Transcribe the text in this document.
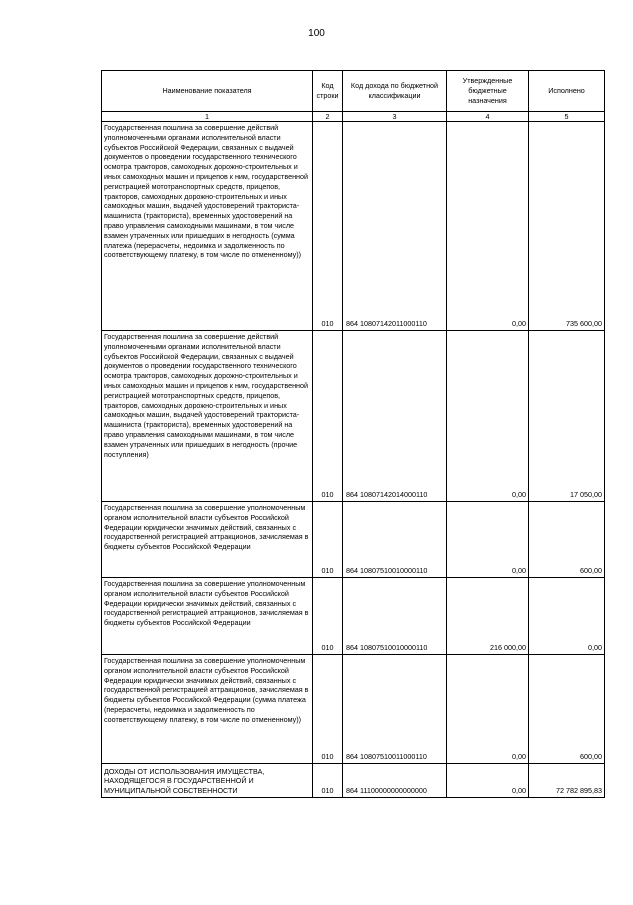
100
Наименование показателя	Код строки	Код дохода по бюджетной классификации	Утвержденные бюджетные назначения	Исполнено
1	2	3	4	5
Государственная пошлина за совершение действий уполномоченными органами исполнительной власти субъектов Российской Федерации, связанных с выдачей документов о проведении государственного технического осмотра тракторов, самоходных дорожно-строительных и иных самоходных машин и прицепов к ним, государственной регистрацией мототранспортных средств, прицепов, тракторов, самоходных дорожно-строительных и иных самоходных машин, выдачей удостоверений тракториста-машиниста (тракториста), временных удостоверений на право управления самоходными машинами, в том числе взамен утраченных или пришедших в негодность (сумма платежа (перерасчеты, недоимка и задолженность по соответствующему платежу, в том числе по отмененному))	010	864 10807142011000110	0,00	735 600,00
Государственная пошлина за совершение действий уполномоченными органами исполнительной власти субъектов Российской Федерации, связанных с выдачей документов о проведении государственного технического осмотра тракторов, самоходных дорожно-строительных и иных самоходных машин и прицепов к ним, государственной регистрацией мототранспортных средств, прицепов, тракторов, самоходных дорожно-строительных и иных самоходных машин, выдачей удостоверений тракториста-машиниста (тракториста), временных удостоверений на право управления самоходными машинами, в том числе взамен утраченных или пришедших в негодность (прочие поступления)	010	864 10807142014000110	0,00	17 050,00
Государственная пошлина за совершение уполномоченным органом исполнительной власти субъектов Российской Федерации юридически значимых действий, связанных с государственной регистрацией аттракционов, зачисляемая в бюджеты субъектов Российской Федерации	010	864 10807510010000110	0,00	600,00
Государственная пошлина за совершение уполномоченным органом исполнительной власти субъектов Российской Федерации юридически значимых действий, связанных с государственной регистрацией аттракционов, зачисляемая в бюджеты субъектов Российской Федерации	010	864 10807510010000110	216 000,00	0,00
Государственная пошлина за совершение уполномоченным органом исполнительной власти субъектов Российской Федерации юридически значимых действий, связанных с государственной регистрацией аттракционов, зачисляемая в бюджеты субъектов Российской Федерации (сумма платежа (перерасчеты, недоимка и задолженность по соответствующему платежу, в том числе по отмененному))	010	864 10807510011000110	0,00	600,00
ДОХОДЫ ОТ ИСПОЛЬЗОВАНИЯ ИМУЩЕСТВА, НАХОДЯЩЕГОСЯ В ГОСУДАРСТВЕННОЙ И МУНИЦИПАЛЬНОЙ СОБСТВЕННОСТИ	010	864 11100000000000000	0,00	72 782 895,83
